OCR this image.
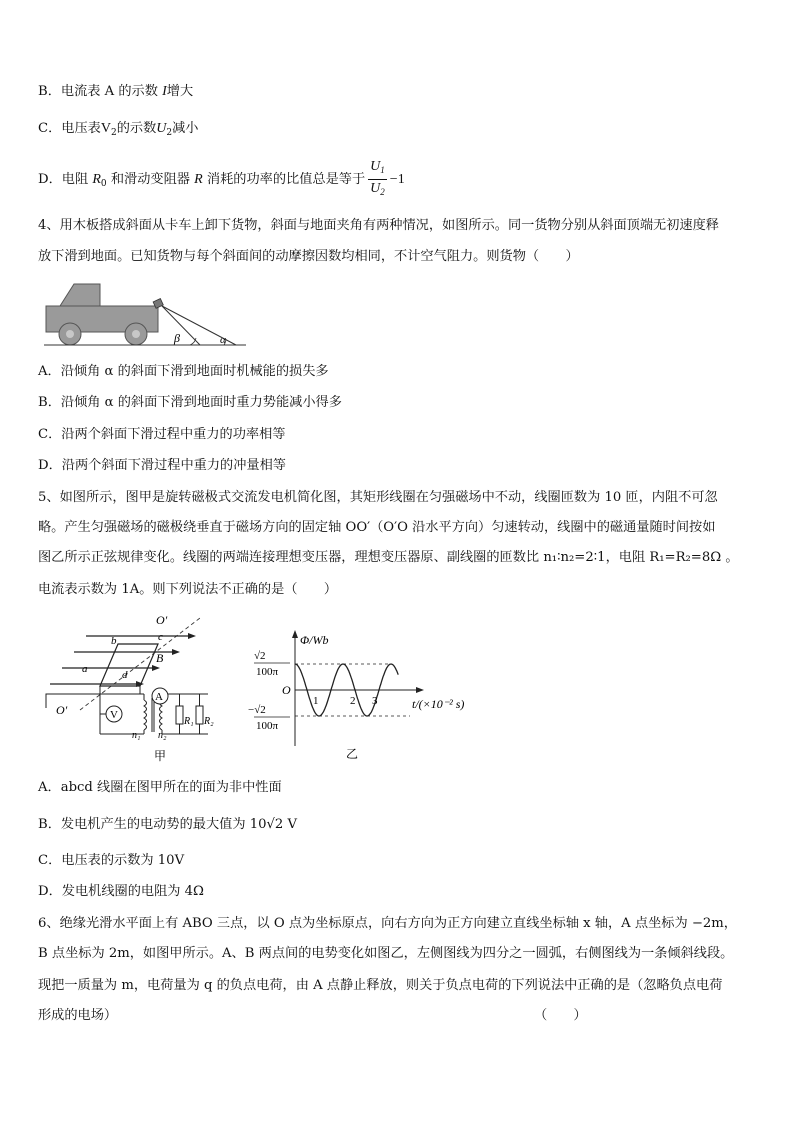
B．电流表 A 的示数 I增大
C．电压表$V_2$的示数$U_2$减小
D．电阻 $R_0$ 和滑动变阻器 R 消耗的功率的比值总是等于 $\frac{U_1}{U_2} -1$
4、用木板搭成斜面从卡车上卸下货物，斜面与地面夹角有两种情况，如图所示。同一货物分别从斜面顶端无初速度释
放下滑到地面。已知货物与每个斜面间的动摩擦因数均相同，不计空气阻力。则货物（　　）
β	α
A．沿倾角 α 的斜面下滑到地面时机械能的损失多
B．沿倾角 α 的斜面下滑到地面时重力势能减小得多
C．沿两个斜面下滑过程中重力的功率相等
D．沿两个斜面下滑过程中重力的冲量相等
5、如图所示，图甲是旋转磁极式交流发电机简化图，其矩形线圈在匀强磁场中不动，线圈匝数为 10 匝，内阻不可忽
略。产生匀强磁场的磁极绕垂直于磁场方向的固定轴 OO′（O′O 沿水平方向）匀速转动，线圈中的磁通量随时间按如
图乙所示正弦规律变化。线圈的两端连接理想变压器，理想变压器原、副线圈的匝数比 n₁∶n₂=2∶1，电阻 R₁=R₂=8Ω 。
电流表示数为 1A。则下列说法不正确的是（　　）
O′
b	c
B
a	d
O′	V
n₁ n₂
A
R₁ R₂
甲
Φ/Wb
√2
100π
−√2
100π
O
1	2 3	t/(×10⁻² s)
乙
A．abcd 线圈在图甲所在的面为非中性面
B．发电机产生的电动势的最大值为 10√2 V
C．电压表的示数为 10V
D．发电机线圈的电阻为 4Ω
6、绝缘光滑水平面上有 ABO 三点，以 O 点为坐标原点，向右方向为正方向建立直线坐标轴 x 轴，A 点坐标为 −2m，
B 点坐标为 2m，如图甲所示。A、B 两点间的电势变化如图乙，左侧图线为四分之一圆弧，右侧图线为一条倾斜线段。
现把一质量为 m，电荷量为 q 的负点电荷，由 A 点静止释放，则关于负点电荷的下列说法中正确的是（忽略负点电荷
形成的电场）	（　　）
